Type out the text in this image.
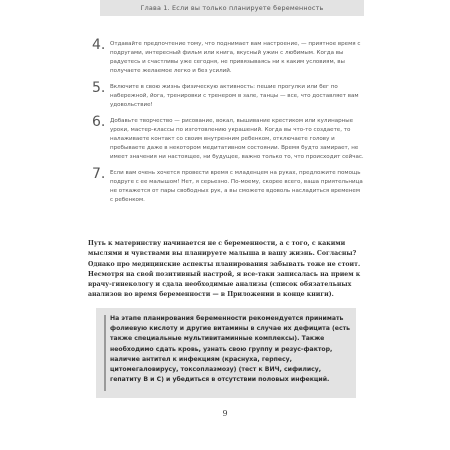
Глава 1. Если вы только планируете беременность
4. Отдавайте предпочтение тому, что поднимает вам настроение, — приятное время с подругами, интересный фильм или книга, вкусный ужин с любимым. Когда вы радуетесь и счастливы уже сегодня, не привязываясь ни к каким условиям, вы получаете желаемое легко и без усилий.
5. Включите в свою жизнь физическую активность: пешие прогулки или бег по набережной, йога, тренировки с тренером в зале, танцы — все, что доставляет вам удовольствие!
6. Добавьте творчество — рисование, вокал, вышивание крестиком или кулинарные уроки, мастер-классы по изготовлению украшений. Когда вы что-то создаете, то налаживаете контакт со своим внутренним ребенком, отключаете голову и пребываете даже в некотором медитативном состоянии. Время будто замирает, не имеет значения ни настоящее, ни будущее, важно только то, что происходит сейчас.
7. Если вам очень хочется провести время с младенцем на руках, предложите помощь подруге с ее малышом! Нет, я серьезно. По-моему, скорее всего, ваша приятельница не откажется от пары свободных рук, а вы сможете вдоволь насладиться временем с ребенком.
Путь к материнству начинается не с беременности, а с того, с какими мыслями и чувствами вы планируете малыша в вашу жизнь. Согласны? Однако про медицинские аспекты планирования забывать тоже не стоит. Несмотря на свой позитивный настрой, я все-таки записалась на прием к врачу-гинекологу и сдала необходимые анализы (список обязательных анализов во время беременности — в Приложении в конце книги).
На этапе планирования беременности рекомендуется принимать фолиевую кислоту и другие витамины в случае их дефицита (есть также специальные мультивитаминные комплексы). Также необходимо сдать кровь, узнать свою группу и резус-фактор, наличие антител к инфекциям (краснуха, герпесу, цитомегаловирусу, токсоплазмозу) (тест к ВИЧ, сифилису, гепатиту В и С) и убедиться в отсутствии половых инфекций.
9
